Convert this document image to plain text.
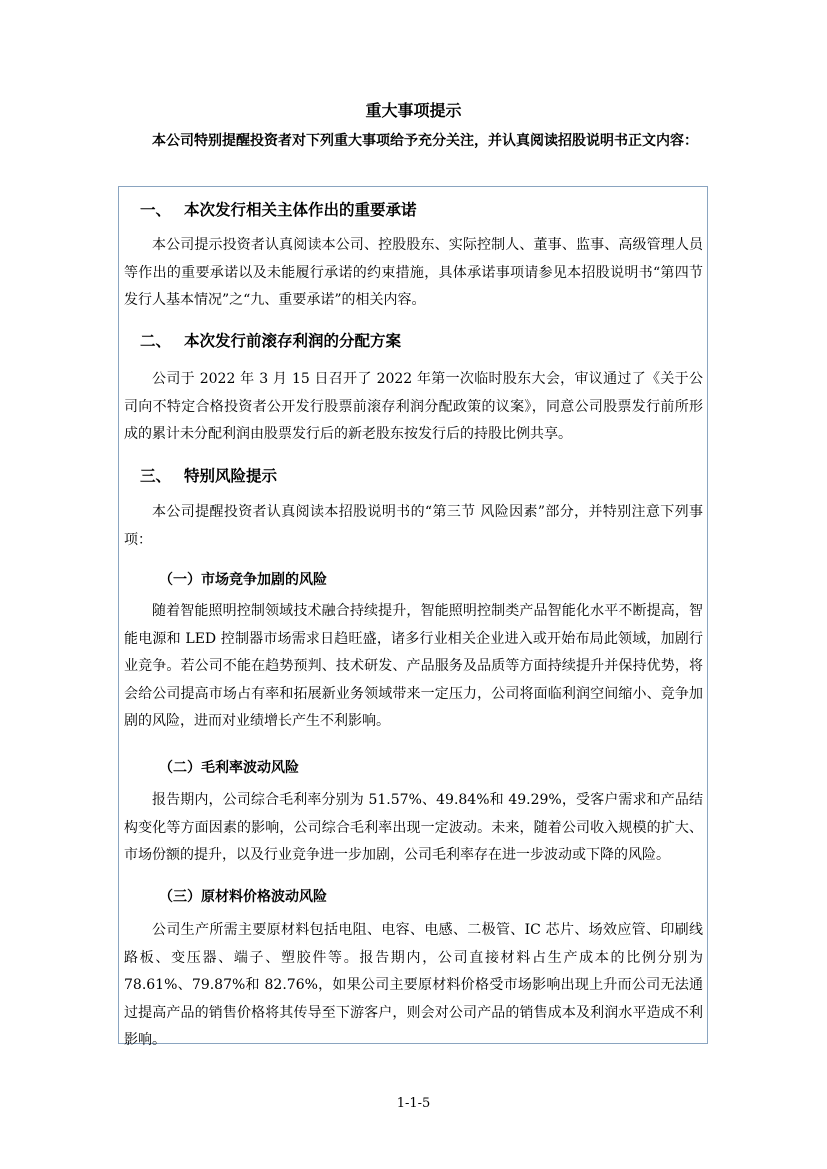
重大事项提示
本公司特别提醒投资者对下列重大事项给予充分关注，并认真阅读招股说明书正文内容：
一、 本次发行相关主体作出的重要承诺
本公司提示投资者认真阅读本公司、控股股东、实际控制人、董事、监事、高级管理人员等作出的重要承诺以及未能履行承诺的约束措施，具体承诺事项请参见本招股说明书“第四节 发行人基本情况”之“九、重要承诺”的相关内容。
二、 本次发行前滚存利润的分配方案
公司于 2022 年 3 月 15 日召开了 2022 年第一次临时股东大会，审议通过了《关于公司向不特定合格投资者公开发行股票前滚存利润分配政策的议案》，同意公司股票发行前所形成的累计未分配利润由股票发行后的新老股东按发行后的持股比例共享。
三、 特别风险提示
本公司提醒投资者认真阅读本招股说明书的“第三节 风险因素”部分，并特别注意下列事项：
（一）市场竞争加剧的风险
随着智能照明控制领域技术融合持续提升，智能照明控制类产品智能化水平不断提高，智能电源和 LED 控制器市场需求日趋旺盛，诸多行业相关企业进入或开始布局此领域，加剧行业竞争。若公司不能在趋势预判、技术研发、产品服务及品质等方面持续提升并保持优势，将会给公司提高市场占有率和拓展新业务领域带来一定压力，公司将面临利润空间缩小、竞争加剧的风险，进而对业绩增长产生不利影响。
（二）毛利率波动风险
报告期内，公司综合毛利率分别为 51.57%、49.84%和 49.29%，受客户需求和产品结构变化等方面因素的影响，公司综合毛利率出现一定波动。未来，随着公司收入规模的扩大、市场份额的提升，以及行业竞争进一步加剧，公司毛利率存在进一步波动或下降的风险。
（三）原材料价格波动风险
公司生产所需主要原材料包括电阻、电容、电感、二极管、IC 芯片、场效应管、印刷线路板、变压器、端子、塑胶件等。报告期内，公司直接材料占生产成本的比例分别为 78.61%、79.87%和 82.76%，如果公司主要原材料价格受市场影响出现上升而公司无法通过提高产品的销售价格将其传导至下游客户，则会对公司产品的销售成本及利润水平造成不利影响。
1-1-5
